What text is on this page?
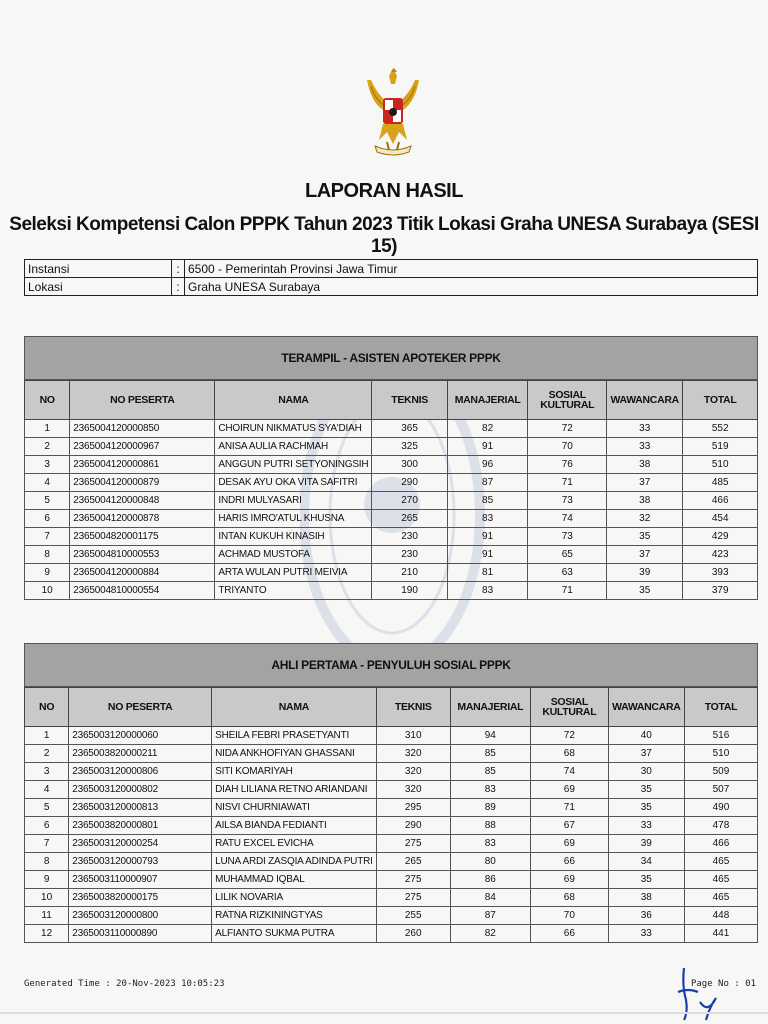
LAPORAN HASIL
Seleksi Kompetensi Calon PPPK Tahun 2023 Titik Lokasi Graha UNESA Surabaya (SESI 15)
Instansi	:	6500 - Pemerintah Provinsi Jawa Timur
Lokasi	:	Graha UNESA Surabaya
TERAMPIL - ASISTEN APOTEKER PPPK
NO	NO PESERTA	NAMA	TEKNIS	MANAJERIAL	SOSIAL KULTURAL	WAWANCARA	TOTAL
1	2365004120000850	CHOIRUN NIKMATUS SYA'DIAH	365	82	72	33	552
2	2365004120000967	ANISA AULIA RACHMAH	325	91	70	33	519
3	2365004120000861	ANGGUN PUTRI SETYONINGSIH	300	96	76	38	510
4	2365004120000879	DESAK AYU OKA VITA SAFITRI	290	87	71	37	485
5	2365004120000848	INDRI MULYASARI	270	85	73	38	466
6	2365004120000878	HARIS IMRO'ATUL KHUSNA	265	83	74	32	454
7	2365004820001175	INTAN KUKUH KINASIH	230	91	73	35	429
8	2365004810000553	ACHMAD MUSTOFA	230	91	65	37	423
9	2365004120000884	ARTA WULAN PUTRI MEIVIA	210	81	63	39	393
10	2365004810000554	TRIYANTO	190	83	71	35	379
AHLI PERTAMA - PENYULUH SOSIAL PPPK
NO	NO PESERTA	NAMA	TEKNIS	MANAJERIAL	SOSIAL KULTURAL	WAWANCARA	TOTAL
1	2365003120000060	SHEILA FEBRI PRASETYANTI	310	94	72	40	516
2	2365003820000211	NIDA ANKHOFIYAN GHASSANI	320	85	68	37	510
3	2365003120000806	SITI KOMARIYAH	320	85	74	30	509
4	2365003120000802	DIAH LILIANA RETNO ARIANDANI	320	83	69	35	507
5	2365003120000813	NISVI CHURNIAWATI	295	89	71	35	490
6	2365003820000801	AILSA BIANDA FEDIANTI	290	88	67	33	478
7	2365003120000254	RATU EXCEL EVICHA	275	83	69	39	466
8	2365003120000793	LUNA ARDI ZASQIA ADINDA PUTRI	265	80	66	34	465
9	2365003110000907	MUHAMMAD IQBAL	275	86	69	35	465
10	2365003820000175	LILIK NOVARIA	275	84	68	38	465
11	2365003120000800	RATNA RIZKININGTYAS	255	87	70	36	448
12	2365003110000890	ALFIANTO SUKMA PUTRA	260	82	66	33	441
Generated Time : 20-Nov-2023 10:05:23	Page No : 01
